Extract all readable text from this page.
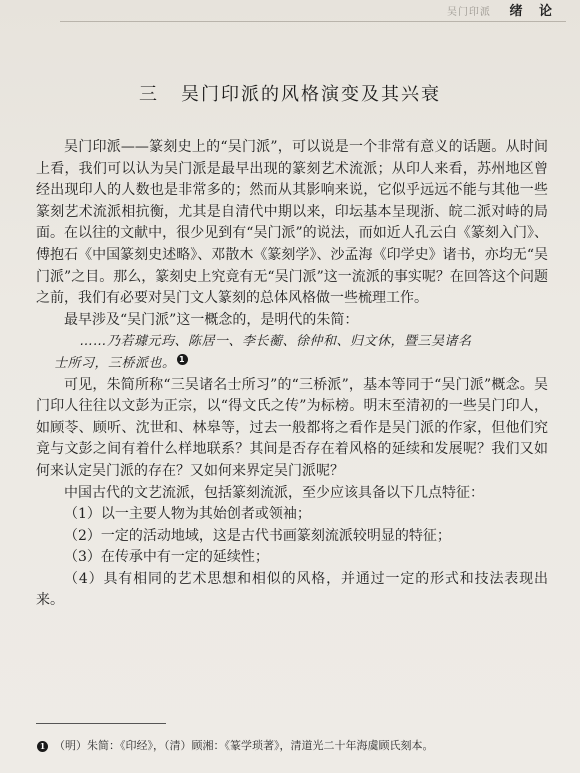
吴门印派 绪 论
三 吴门印派的风格演变及其兴衰

吴门印派——篆刻史上的“吴门派”，可以说是一个非常有意义的话题。从时间上看，我们可以认为吴门派是最早出现的篆刻艺术流派；从印人来看，苏州地区曾经出现印人的人数也是非常多的；然而从其影响来说，它似乎远远不能与其他一些篆刻艺术流派相抗衡，尤其是自清代中期以来，印坛基本呈现浙、皖二派对峙的局面。在以往的文献中，很少见到有“吴门派”的说法，而如近人孔云白《篆刻入门》、傅抱石《中国篆刻史述略》、邓散木《篆刻学》、沙孟海《印学史》诸书，亦均无“吴门派”之目。那么，篆刻史上究竟有无“吴门派”这一流派的事实呢？在回答这个问题之前，我们有必要对吴门文人篆刻的总体风格做一些梳理工作。

最早涉及“吴门派”这一概念的，是明代的朱简：

……乃若璩元玙、陈居一、李长蘅、徐仲和、归文休，暨三吴诸名
士所习，三桥派也。 1

可见，朱简所称“三吴诸名士所习”的“三桥派”，基本等同于“吴门派”概念。吴门印人往往以文彭为正宗，以“得文氏之传”为标榜。明末至清初的一些吴门印人，如顾苓、顾听、沈世和、林皋等，过去一般都将之看作是吴门派的作家，但他们究竟与文彭之间有着什么样地联系？其间是否存在着风格的延续和发展呢？我们又如何来认定吴门派的存在？又如何来界定吴门派呢？

中国古代的文艺流派，包括篆刻流派，至少应该具备以下几点特征：

（1）以一主要人物为其始创者或领袖；

（2）一定的活动地域，这是古代书画篆刻流派较明显的特征；

（3）在传承中有一定的延续性；

（4）具有相同的艺术思想和相似的风格，并通过一定的形式和技法表现出来。

1 （明）朱简：《印经》，（清）顾湘：《篆学琐著》，清道光二十年海虞顾氏刻本。
